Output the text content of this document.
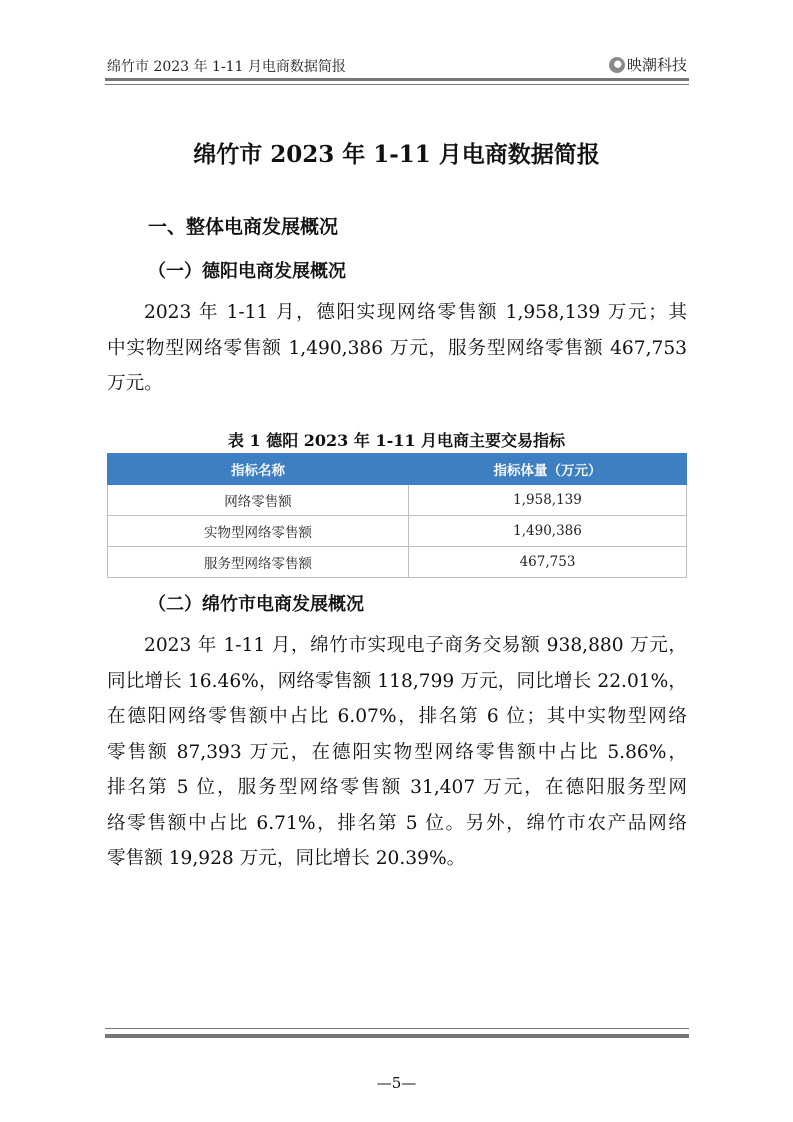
绵竹市 2023 年 1-11 月电商数据简报	映潮科技
绵竹市 2023 年 1-11 月电商数据简报
一、整体电商发展概况
（一）德阳电商发展概况
2023 年 1-11 月，德阳实现网络零售额 1,958,139 万元；其
中实物型网络零售额 1,490,386 万元，服务型网络零售额 467,753
万元。
表 1 德阳 2023 年 1-11 月电商主要交易指标
指标名称	指标体量（万元）
网络零售额	1,958,139
实物型网络零售额	1,490,386
服务型网络零售额	467,753
（二）绵竹市电商发展概况
2023 年 1-11 月，绵竹市实现电子商务交易额 938,880 万元，
同比增长 16.46%，网络零售额 118,799 万元，同比增长 22.01%，
在德阳网络零售额中占比 6.07%，排名第 6 位；其中实物型网络
零售额 87,393 万元，在德阳实物型网络零售额中占比 5.86%，
排名第 5 位，服务型网络零售额 31,407 万元，在德阳服务型网
络零售额中占比 6.71%，排名第 5 位。另外，绵竹市农产品网络
零售额 19,928 万元，同比增长 20.39%。
—5—
